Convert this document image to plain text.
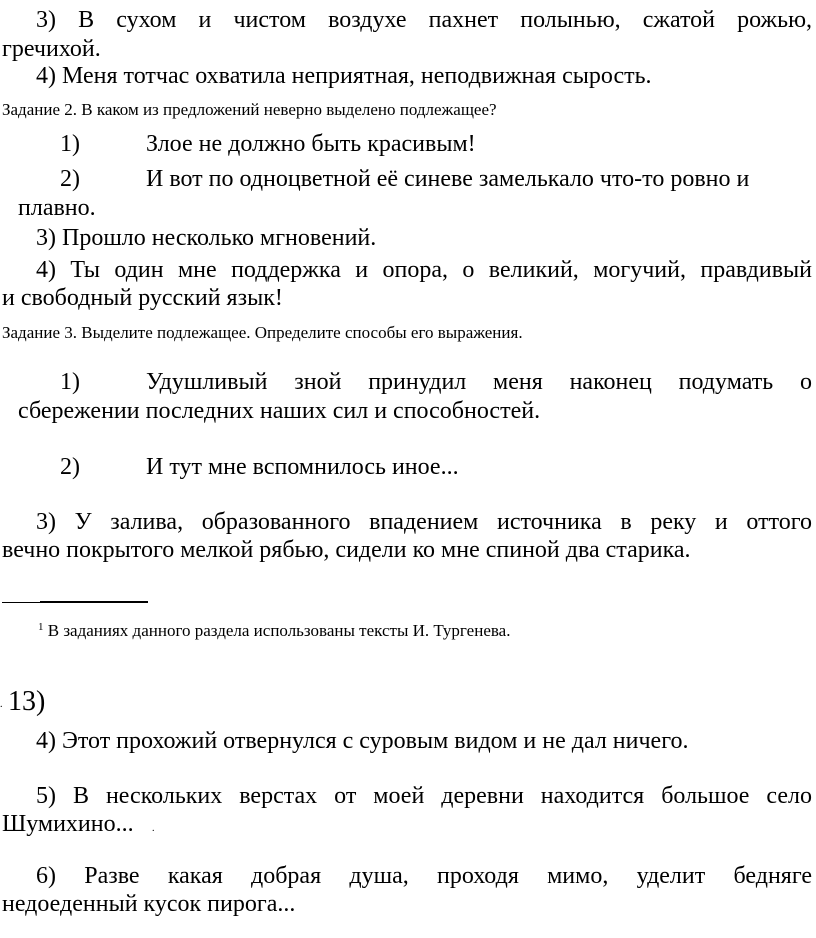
3) В сухом и чистом воздухе пахнет полынью, сжатой рожью,
гречихой.
4) Меня тотчас охватила неприятная, неподвижная сырость.
Задание 2. В каком из предложений неверно выделено подлежащее?
1)	Злое не должно быть красивым!
2)	И вот по одноцветной её синеве замелькало что-то ровно и
плавно.
3) Прошло несколько мгновений.
4) Ты один мне поддержка и опора, о великий, могучий, правдивый
и свободный русский язык!
Задание 3. Выделите подлежащее. Определите способы его выражения.
1)	Удушливый зной принудил меня наконец подумать о
сбережении последних наших сил и способностей.
2)	И тут мне вспомнилось иное...
3) У залива, образованного впадением источника в реку и оттого
вечно покрытого мелкой рябью, сидели ко мне спиной два старика.
$^1$ В заданиях данного раздела использованы тексты И. Тургенева.
. 13)
4) Этот прохожий отвернулся с суровым видом и не дал ничего.
5) В нескольких верстах от моей деревни находится большое село
Шумихино... .
6) Разве какая добрая душа, проходя мимо, уделит бедняге
недоеденный кусок пирога...
